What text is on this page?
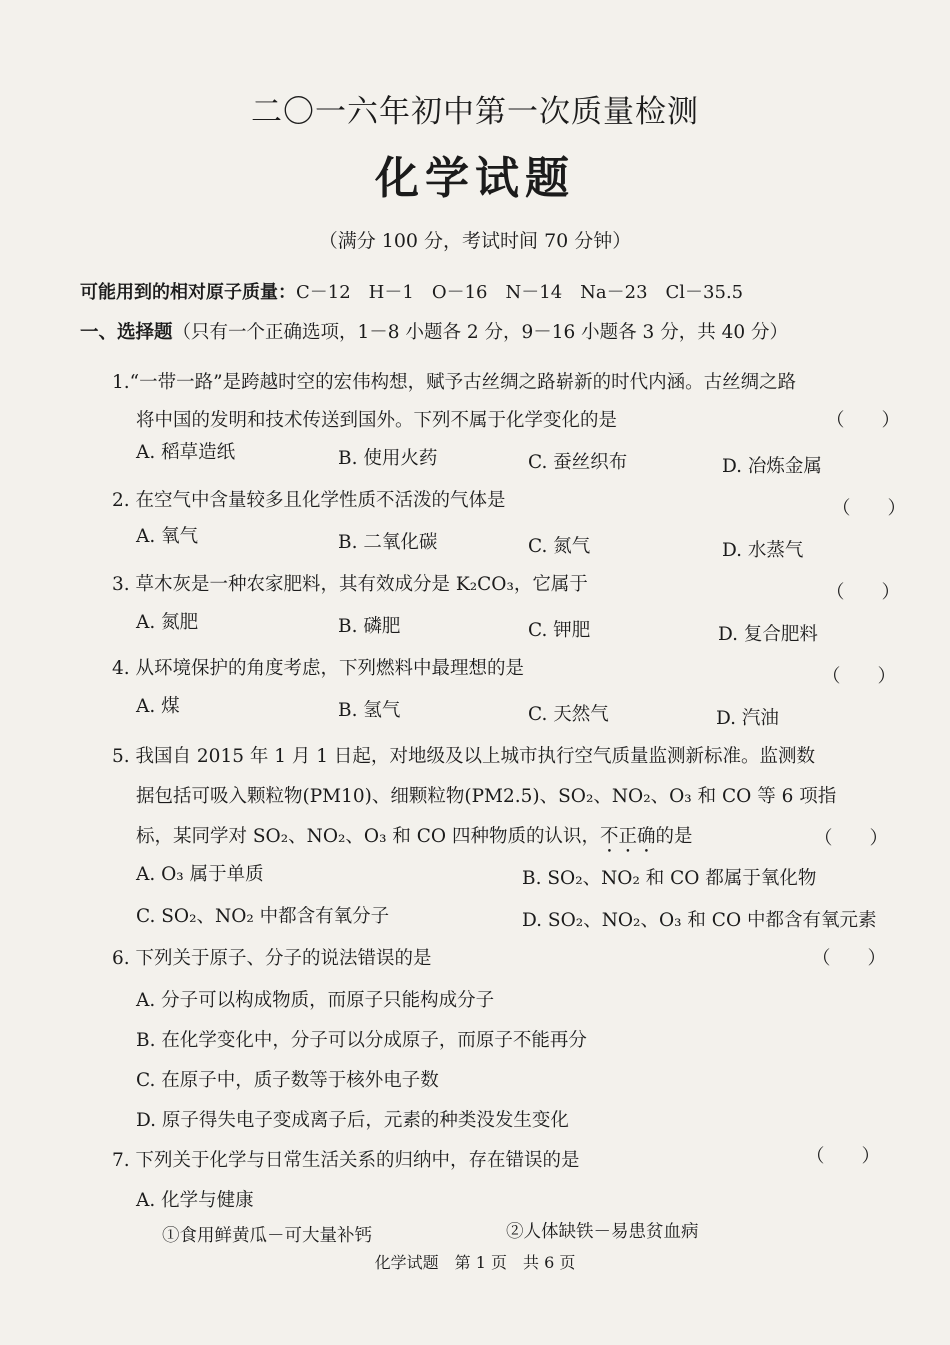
二〇一六年初中第一次质量检测
化学试题
（满分 100 分，考试时间 70 分钟）
可能用到的相对原子质量：C－12　H－1　O－16　N－14　Na－23　Cl－35.5
一、选择题（只有一个正确选项，1－8 小题各 2 分，9－16 小题各 3 分，共 40 分）
1.“一带一路”是跨越时空的宏伟构想，赋予古丝绸之路崭新的时代内涵。古丝绸之路
将中国的发明和技术传送到国外。下列不属于化学变化的是	（　　）
A. 稻草造纸	B. 使用火药	C. 蚕丝织布	D. 冶炼金属
2. 在空气中含量较多且化学性质不活泼的气体是	（　　）
A. 氧气	B. 二氧化碳	C. 氮气	D. 水蒸气
3. 草木灰是一种农家肥料，其有效成分是 K₂CO₃，它属于	（　　）
A. 氮肥	B. 磷肥	C. 钾肥	D. 复合肥料
4. 从环境保护的角度考虑，下列燃料中最理想的是	（　　）
A. 煤	B. 氢气	C. 天然气	D. 汽油
5. 我国自 2015 年 1 月 1 日起，对地级及以上城市执行空气质量监测新标准。监测数
据包括可吸入颗粒物(PM10)、细颗粒物(PM2.5)、SO₂、NO₂、O₃ 和 CO 等 6 项指
标，某同学对 SO₂、NO₂、O₃ 和 CO 四种物质的认识，不正确的是	（　　）
A. O₃ 属于单质	B. SO₂、NO₂ 和 CO 都属于氧化物
C. SO₂、NO₂ 中都含有氧分子	D. SO₂、NO₂、O₃ 和 CO 中都含有氧元素
6. 下列关于原子、分子的说法错误的是	（　　）
A. 分子可以构成物质，而原子只能构成分子
B. 在化学变化中，分子可以分成原子，而原子不能再分
C. 在原子中，质子数等于核外电子数
D. 原子得失电子变成离子后，元素的种类没发生变化
7. 下列关于化学与日常生活关系的归纳中，存在错误的是	（　　）
A. 化学与健康
①食用鲜黄瓜－可大量补钙	②人体缺铁－易患贫血病
化学试题　第 1 页　共 6 页
